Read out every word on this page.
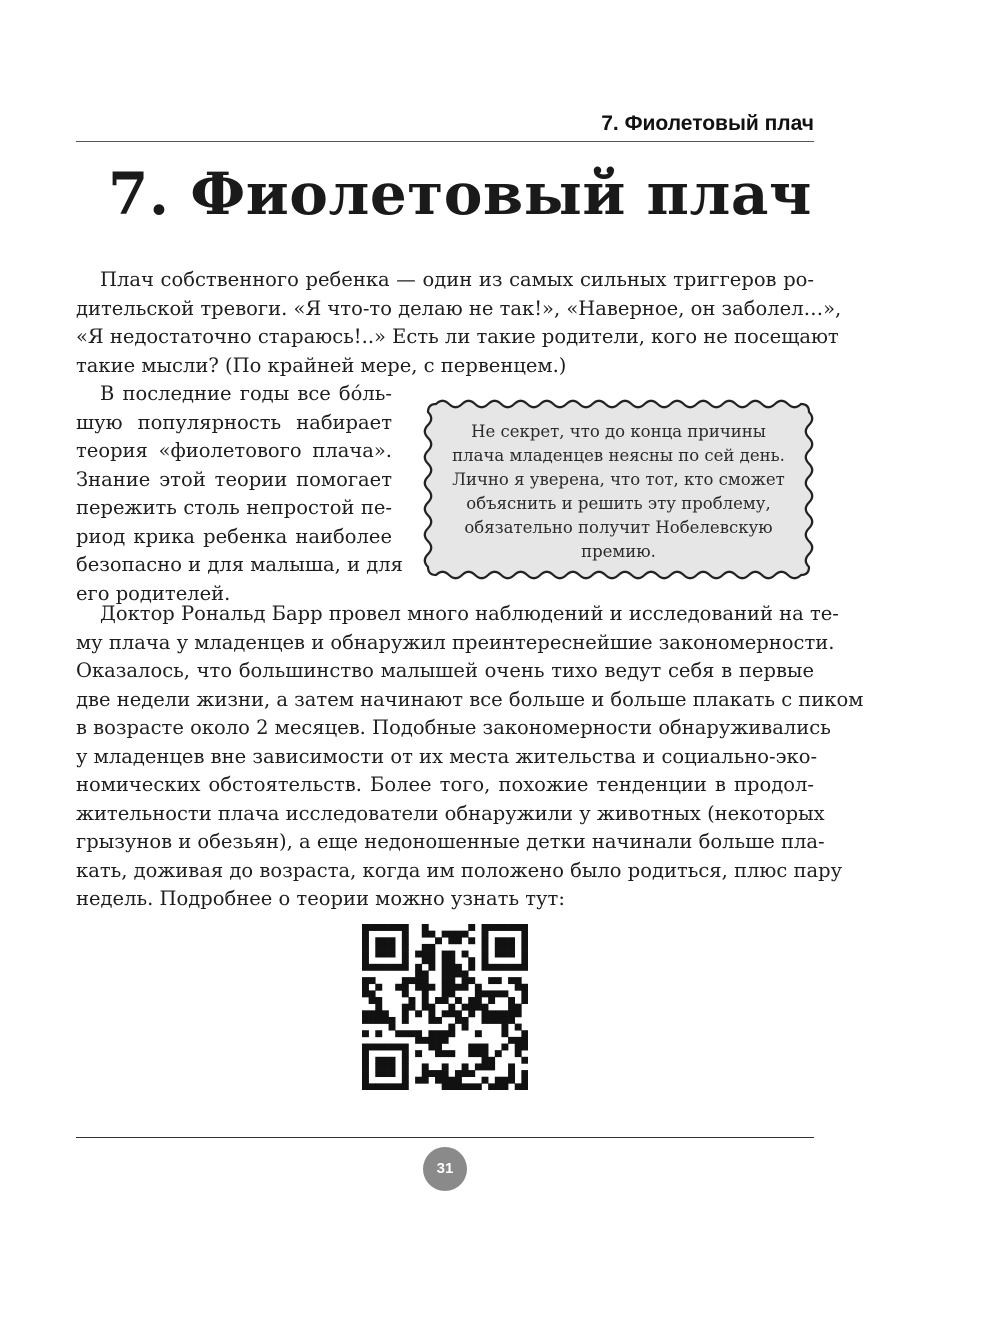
7. Фиолетовый плач
7. Фиолетовый плач
Плач собственного ребенка — один из самых сильных триггеров ро-
дительской тревоги. «Я что-то делаю не так!», «Наверное, он заболел…»,
«Я недостаточно стараюсь!..» Есть ли такие родители, кого не посещают
такие мысли? (По крайней мере, с первенцем.)
В последние годы все бо́ль-
шую популярность набирает
теория «фиолетового плача».
Знание этой теории помогает
пережить столь непростой пе-
риод крика ребенка наиболее
безопасно и для малыша, и для
его родителей.
Не секрет, что до конца причины
плача младенцев неясны по сей день.
Лично я уверена, что тот, кто сможет
объяснить и решить эту проблему,
обязательно получит Нобелевскую
премию.
Доктор Рональд Барр провел много наблюдений и исследований на те-
му плача у младенцев и обнаружил преинтереснейшие закономерности.
Оказалось, что большинство малышей очень тихо ведут себя в первые
две недели жизни, а затем начинают все больше и больше плакать с пиком
в возрасте около 2 месяцев. Подобные закономерности обнаруживались
у младенцев вне зависимости от их места жительства и социально-эко-
номических обстоятельств. Более того, похожие тенденции в продол-
жительности плача исследователи обнаружили у животных (некоторых
грызунов и обезьян), а еще недоношенные детки начинали больше пла-
кать, доживая до возраста, когда им положено было родиться, плюс пару
недель. Подробнее о теории можно узнать тут:
31
